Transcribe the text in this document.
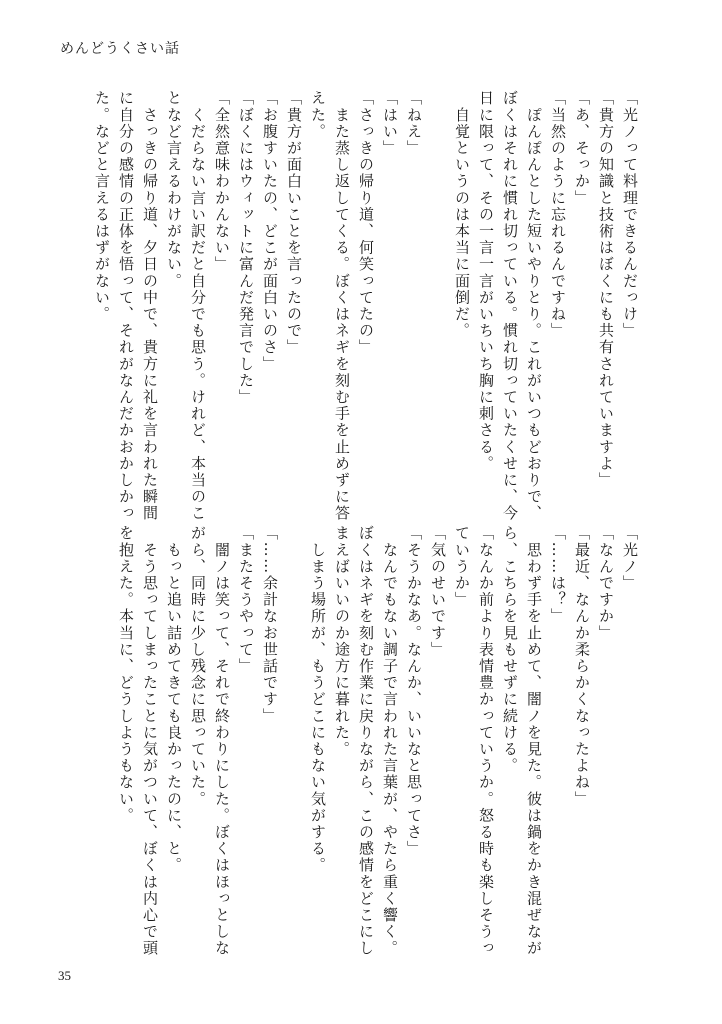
めんどうくさい話
「光ノって料理できるんだっけ」
「貴方の知識と技術はぼくにも共有されていますよ」
「あ、そっか」
「当然のように忘れるんですね」
　ぽんぽんとした短いやりとり。これがいつもどおりで、
ぼくはそれに慣れ切っている。慣れ切っていたくせに、今
日に限って、その一言一言がいちいち胸に刺さる。
　自覚というのは本当に面倒だ。
「ねえ」
「はい」
「さっきの帰り道、何笑ってたの」
　また蒸し返してくる。ぼくはネギを刻む手を止めずに答
えた。
「貴方が面白いことを言ったので」
「お腹すいたの、どこが面白いのさ」
「ぼくにはウィットに富んだ発言でした」
「全然意味わかんない」
　くだらない言い訳だと自分でも思う。けれど、本当のこ
となど言えるわけがない。
　さっきの帰り道、夕日の中で、貴方に礼を言われた瞬間
に自分の感情の正体を悟って、それがなんだかおかしかっ
た。などと言えるはずがない。
「光ノ」
「なんですか」
「最近、なんか柔らかくなったよね」
「……は？」
　思わず手を止めて、闇ノを見た。彼は鍋をかき混ぜなが
ら、こちらを見もせずに続ける。
「なんか前より表情豊かっていうか。怒る時も楽しそうっ
ていうか」
「気のせいです」
「そうかなあ。なんか、いいなと思ってさ」
　なんでもない調子で言われた言葉が、やたら重く響く。
ぼくはネギを刻む作業に戻りながら、この感情をどこにし
まえばいいのか途方に暮れた。
　しまう場所が、もうどこにもない気がする。
「……余計なお世話です」
「またそうやって」
　闇ノは笑って、それで終わりにした。ぼくはほっとしな
がら、同時に少し残念に思っていた。
　もっと追い詰めてきても良かったのに、と。
　そう思ってしまったことに気がついて、ぼくは内心で頭
を抱えた。本当に、どうしようもない。
35
